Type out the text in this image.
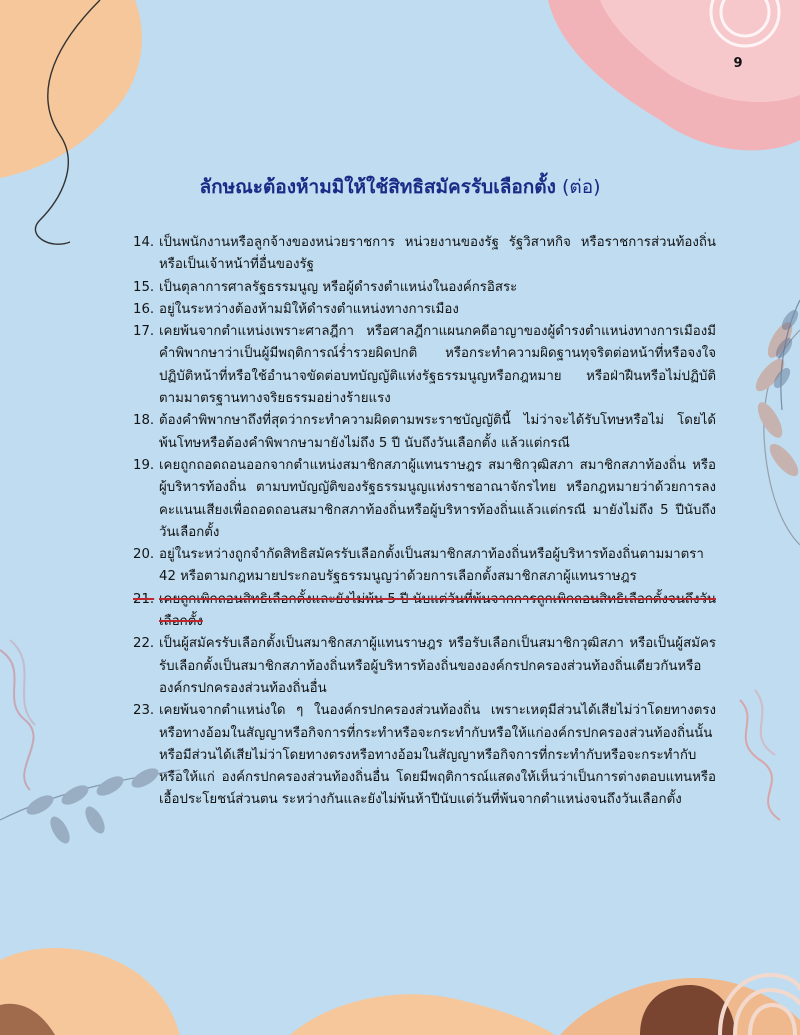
9
ลักษณะต้องห้ามมิให้ใช้สิทธิสมัครรับเลือกตั้ง (ต่อ)
14. เป็นพนักงานหรือลูกจ้างของหน่วยราชการ หน่วยงานของรัฐ รัฐวิสาหกิจ หรือราชการส่วนท้องถิ่น หรือเป็นเจ้าหน้าที่อื่นของรัฐ
15. เป็นตุลาการศาลรัฐธรรมนูญ หรือผู้ดำรงตำแหน่งในองค์กรอิสระ
16. อยู่ในระหว่างต้องห้ามมิให้ดำรงตำแหน่งทางการเมือง
17. เคยพ้นจากตำแหน่งเพราะศาลฎีกา หรือศาลฎีกาแผนกคดีอาญาของผู้ดำรงตำแหน่งทางการเมืองมีคำพิพากษาว่าเป็นผู้มีพฤติการณ์ร่ำรวยผิดปกติ หรือกระทำความผิดฐานทุจริตต่อหน้าที่หรือจงใจปฏิบัติหน้าที่หรือใช้อำนาจขัดต่อบทบัญญัติแห่งรัฐธรรมนูญหรือกฎหมาย หรือฝ่าฝืนหรือไม่ปฏิบัติตามมาตรฐานทางจริยธรรมอย่างร้ายแรง
18. ต้องคำพิพากษาถึงที่สุดว่ากระทำความผิดตามพระราชบัญญัตินี้ ไม่ว่าจะได้รับโทษหรือไม่ โดยได้พ้นโทษหรือต้องคำพิพากษามายังไม่ถึง 5 ปี นับถึงวันเลือกตั้ง แล้วแต่กรณี
19. เคยถูกถอดถอนออกจากตำแหน่งสมาชิกสภาผู้แทนราษฎร สมาชิกวุฒิสภา สมาชิกสภาท้องถิ่น หรือผู้บริหารท้องถิ่น ตามบทบัญญัติของรัฐธรรมนูญแห่งราชอาณาจักรไทย หรือกฎหมายว่าด้วยการลงคะแนนเสียงเพื่อถอดถอนสมาชิกสภาท้องถิ่นหรือผู้บริหารท้องถิ่นแล้วแต่กรณี มายังไม่ถึง 5 ปีนับถึงวันเลือกตั้ง
20. อยู่ในระหว่างถูกจำกัดสิทธิสมัครรับเลือกตั้งเป็นสมาชิกสภาท้องถิ่นหรือผู้บริหารท้องถิ่นตามมาตรา 42 หรือตามกฎหมายประกอบรัฐธรรมนูญว่าด้วยการเลือกตั้งสมาชิกสภาผู้แทนราษฎร
21. เคยถูกเพิกถอนสิทธิเลือกตั้งและยังไม่พ้น 5 ปี นับแต่วันที่พ้นจากการถูกเพิกถอนสิทธิเลือกตั้งจนถึงวันเลือกตั้ง
22. เป็นผู้สมัครรับเลือกตั้งเป็นสมาชิกสภาผู้แทนราษฎร หรือรับเลือกเป็นสมาชิกวุฒิสภา หรือเป็นผู้สมัครรับเลือกตั้งเป็นสมาชิกสภาท้องถิ่นหรือผู้บริหารท้องถิ่นขององค์กรปกครองส่วนท้องถิ่นเดียวกันหรือองค์กรปกครองส่วนท้องถิ่นอื่น
23. เคยพ้นจากตำแหน่งใด ๆ ในองค์กรปกครองส่วนท้องถิ่น เพราะเหตุมีส่วนได้เสียไม่ว่าโดยทางตรงหรือทางอ้อมในสัญญาหรือกิจการที่กระทำหรือจะกระทำกับหรือให้แก่องค์กรปกครองส่วนท้องถิ่นนั้น หรือมีส่วนได้เสียไม่ว่าโดยทางตรงหรือทางอ้อมในสัญญาหรือกิจการที่กระทำกับหรือจะกระทำกับหรือให้แก่ องค์กรปกครองส่วนท้องถิ่นอื่น โดยมีพฤติการณ์แสดงให้เห็นว่าเป็นการต่างตอบแทนหรือเอื้อประโยชน์ส่วนตน ระหว่างกันและยังไม่พ้นห้าปีนับแต่วันที่พ้นจากตำแหน่งจนถึงวันเลือกตั้ง
